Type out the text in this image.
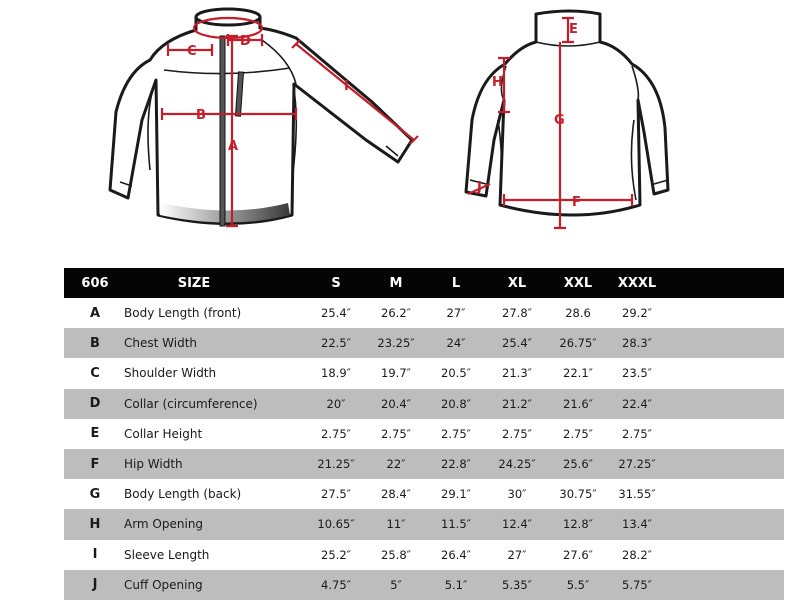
A
B
C
D
I
E
G
H
F
J
606	SIZE	S	M	L	XL	XXL	XXXL
A	Body Length (front)	25.4″	26.2″	27″	27.8″	28.6	29.2″
B	Chest Width	22.5″	23.25″	24″	25.4″	26.75″	28.3″
C	Shoulder Width	18.9″	19.7″	20.5″	21.3″	22.1″	23.5″
D	Collar (circumference)	20″	20.4″	20.8″	21.2″	21.6″	22.4″
E	Collar Height	2.75″	2.75″	2.75″	2.75″	2.75″	2.75″
F	Hip Width	21.25″	22″	22.8″	24.25″	25.6″	27.25″
G	Body Length (back)	27.5″	28.4″	29.1″	30″	30.75″	31.55″
H	Arm Opening	10.65″	11″	11.5″	12.4″	12.8″	13.4″
I	Sleeve Length	25.2″	25.8″	26.4″	27″	27.6″	28.2″
J	Cuff Opening	4.75″	5″	5.1″	5.35″	5.5″	5.75″
